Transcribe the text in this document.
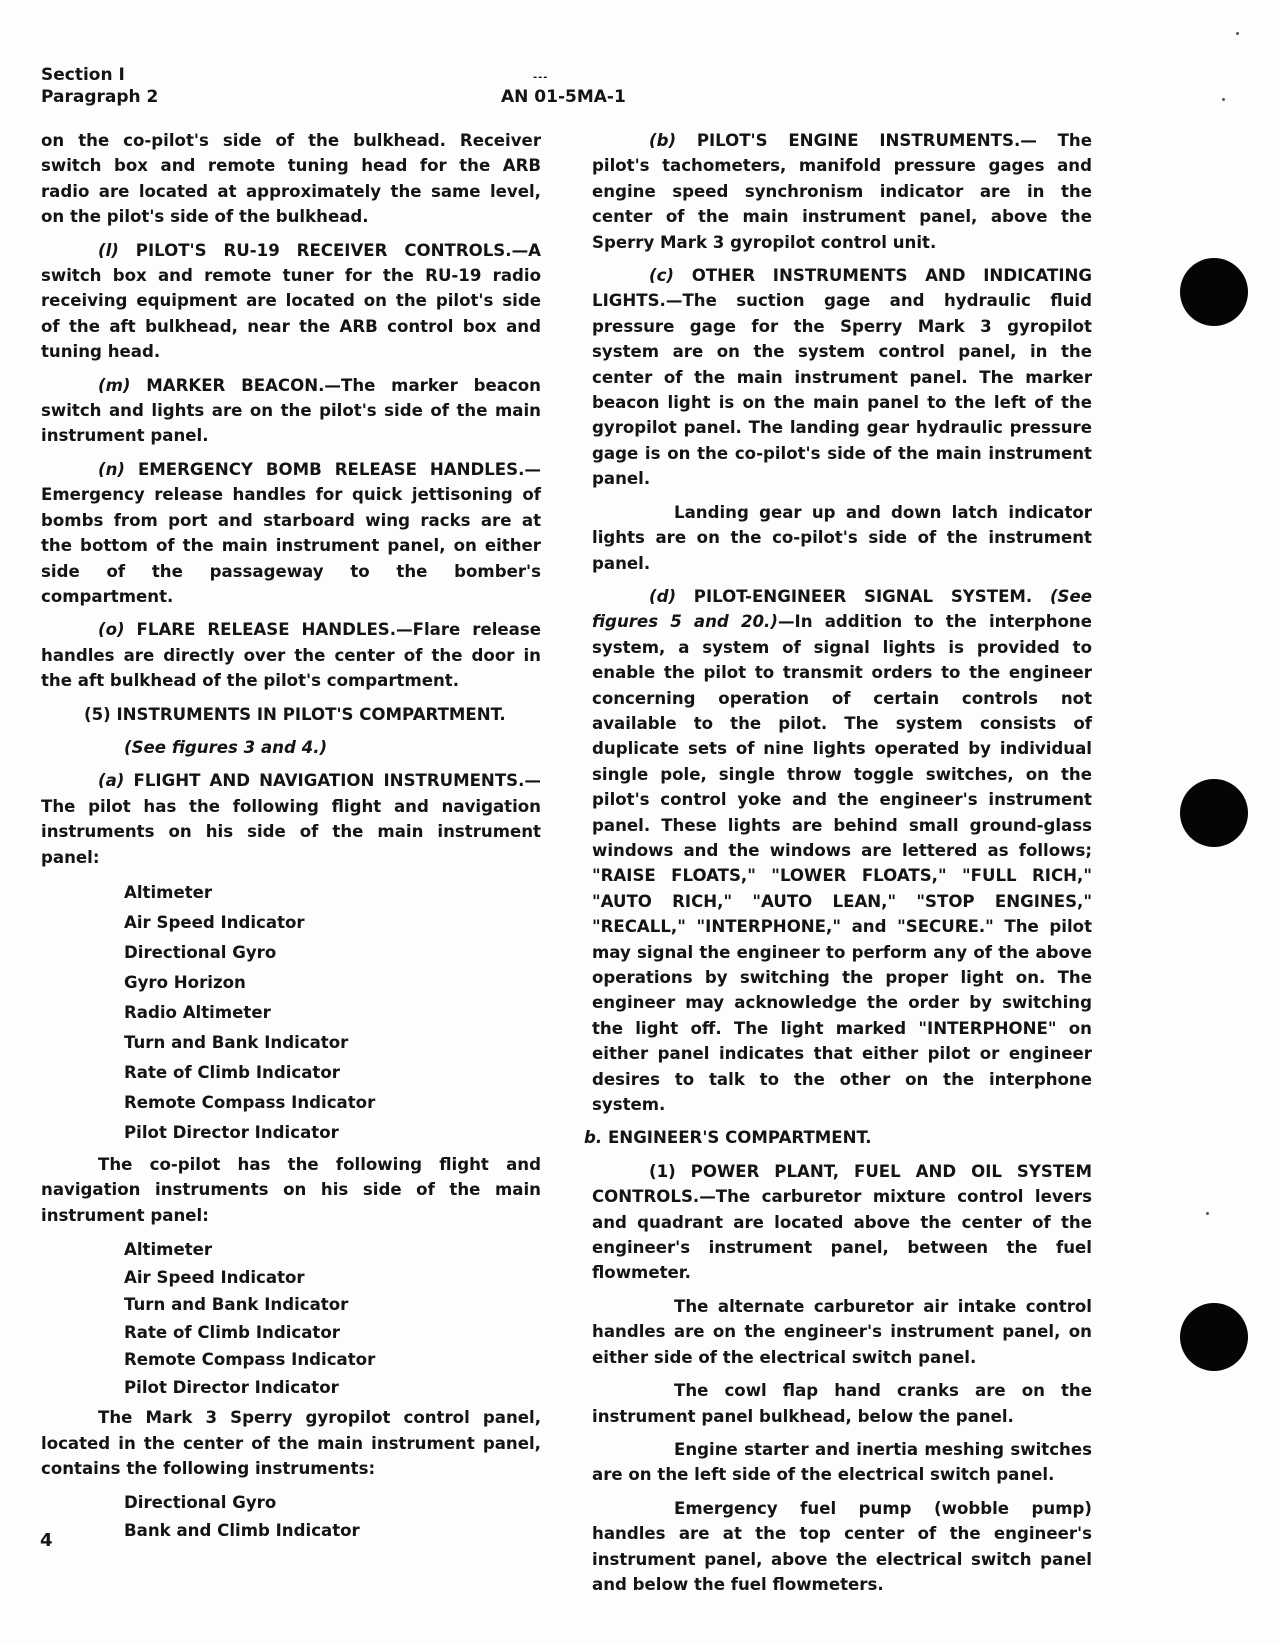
Section I
Paragraph 2
---
AN 01-5MA-1

on the co-pilot's side of the bulkhead. Receiver switch box and remote tuning head for the ARB radio are located at approximately the same level, on the pilot's side of the bulkhead.

(l) PILOT'S RU-19 RECEIVER CONTROLS.—A switch box and remote tuner for the RU-19 radio receiving equipment are located on the pilot's side of the aft bulkhead, near the ARB control box and tuning head.

(m) MARKER BEACON.—The marker beacon switch and lights are on the pilot's side of the main instrument panel.

(n) EMERGENCY BOMB RELEASE HANDLES.—Emergency release handles for quick jettisoning of bombs from port and starboard wing racks are at the bottom of the main instrument panel, on either side of the passageway to the bomber's compartment.

(o) FLARE RELEASE HANDLES.—Flare release handles are directly over the center of the door in the aft bulkhead of the pilot's compartment.

(5) INSTRUMENTS IN PILOT'S COMPARTMENT.

(See figures 3 and 4.)

(a) FLIGHT AND NAVIGATION INSTRUMENTS.—The pilot has the following flight and navigation instruments on his side of the main instrument panel:

Altimeter
Air Speed Indicator
Directional Gyro
Gyro Horizon
Radio Altimeter
Turn and Bank Indicator
Rate of Climb Indicator
Remote Compass Indicator
Pilot Director Indicator

The co-pilot has the following flight and navigation instruments on his side of the main instrument panel:

Altimeter
Air Speed Indicator
Turn and Bank Indicator
Rate of Climb Indicator
Remote Compass Indicator
Pilot Director Indicator

The Mark 3 Sperry gyropilot control panel, located in the center of the main instrument panel, contains the following instruments:

Directional Gyro
Bank and Climb Indicator

(b) PILOT'S ENGINE INSTRUMENTS.— The pilot's tachometers, manifold pressure gages and engine speed synchronism indicator are in the center of the main instrument panel, above the Sperry Mark 3 gyropilot control unit.

(c) OTHER INSTRUMENTS AND INDICATING LIGHTS.—The suction gage and hydraulic fluid pressure gage for the Sperry Mark 3 gyropilot system are on the system control panel, in the center of the main instrument panel. The marker beacon light is on the main panel to the left of the gyropilot panel. The landing gear hydraulic pressure gage is on the co-pilot's side of the main instrument panel.

Landing gear up and down latch indicator lights are on the co-pilot's side of the instrument panel.

(d) PILOT-ENGINEER SIGNAL SYSTEM. (See figures 5 and 20.)—In addition to the interphone system, a system of signal lights is provided to enable the pilot to transmit orders to the engineer concerning operation of certain controls not available to the pilot. The system consists of duplicate sets of nine lights operated by individual single pole, single throw toggle switches, on the pilot's control yoke and the engineer's instrument panel. These lights are behind small ground-glass windows and the windows are lettered as follows; "RAISE FLOATS," "LOWER FLOATS," "FULL RICH," "AUTO RICH," "AUTO LEAN," "STOP ENGINES," "RECALL," "INTERPHONE," and "SECURE." The pilot may signal the engineer to perform any of the above operations by switching the proper light on. The engineer may acknowledge the order by switching the light off. The light marked "INTERPHONE" on either panel indicates that either pilot or engineer desires to talk to the other on the interphone system.

b. ENGINEER'S COMPARTMENT.

(1) POWER PLANT, FUEL AND OIL SYSTEM CONTROLS.—The carburetor mixture control levers and quadrant are located above the center of the engineer's instrument panel, between the fuel flowmeter.

The alternate carburetor air intake control handles are on the engineer's instrument panel, on either side of the electrical switch panel.

The cowl flap hand cranks are on the instrument panel bulkhead, below the panel.

Engine starter and inertia meshing switches are on the left side of the electrical switch panel.

Emergency fuel pump (wobble pump) handles are at the top center of the engineer's instrument panel, above the electrical switch panel and below the fuel flowmeters.

4
